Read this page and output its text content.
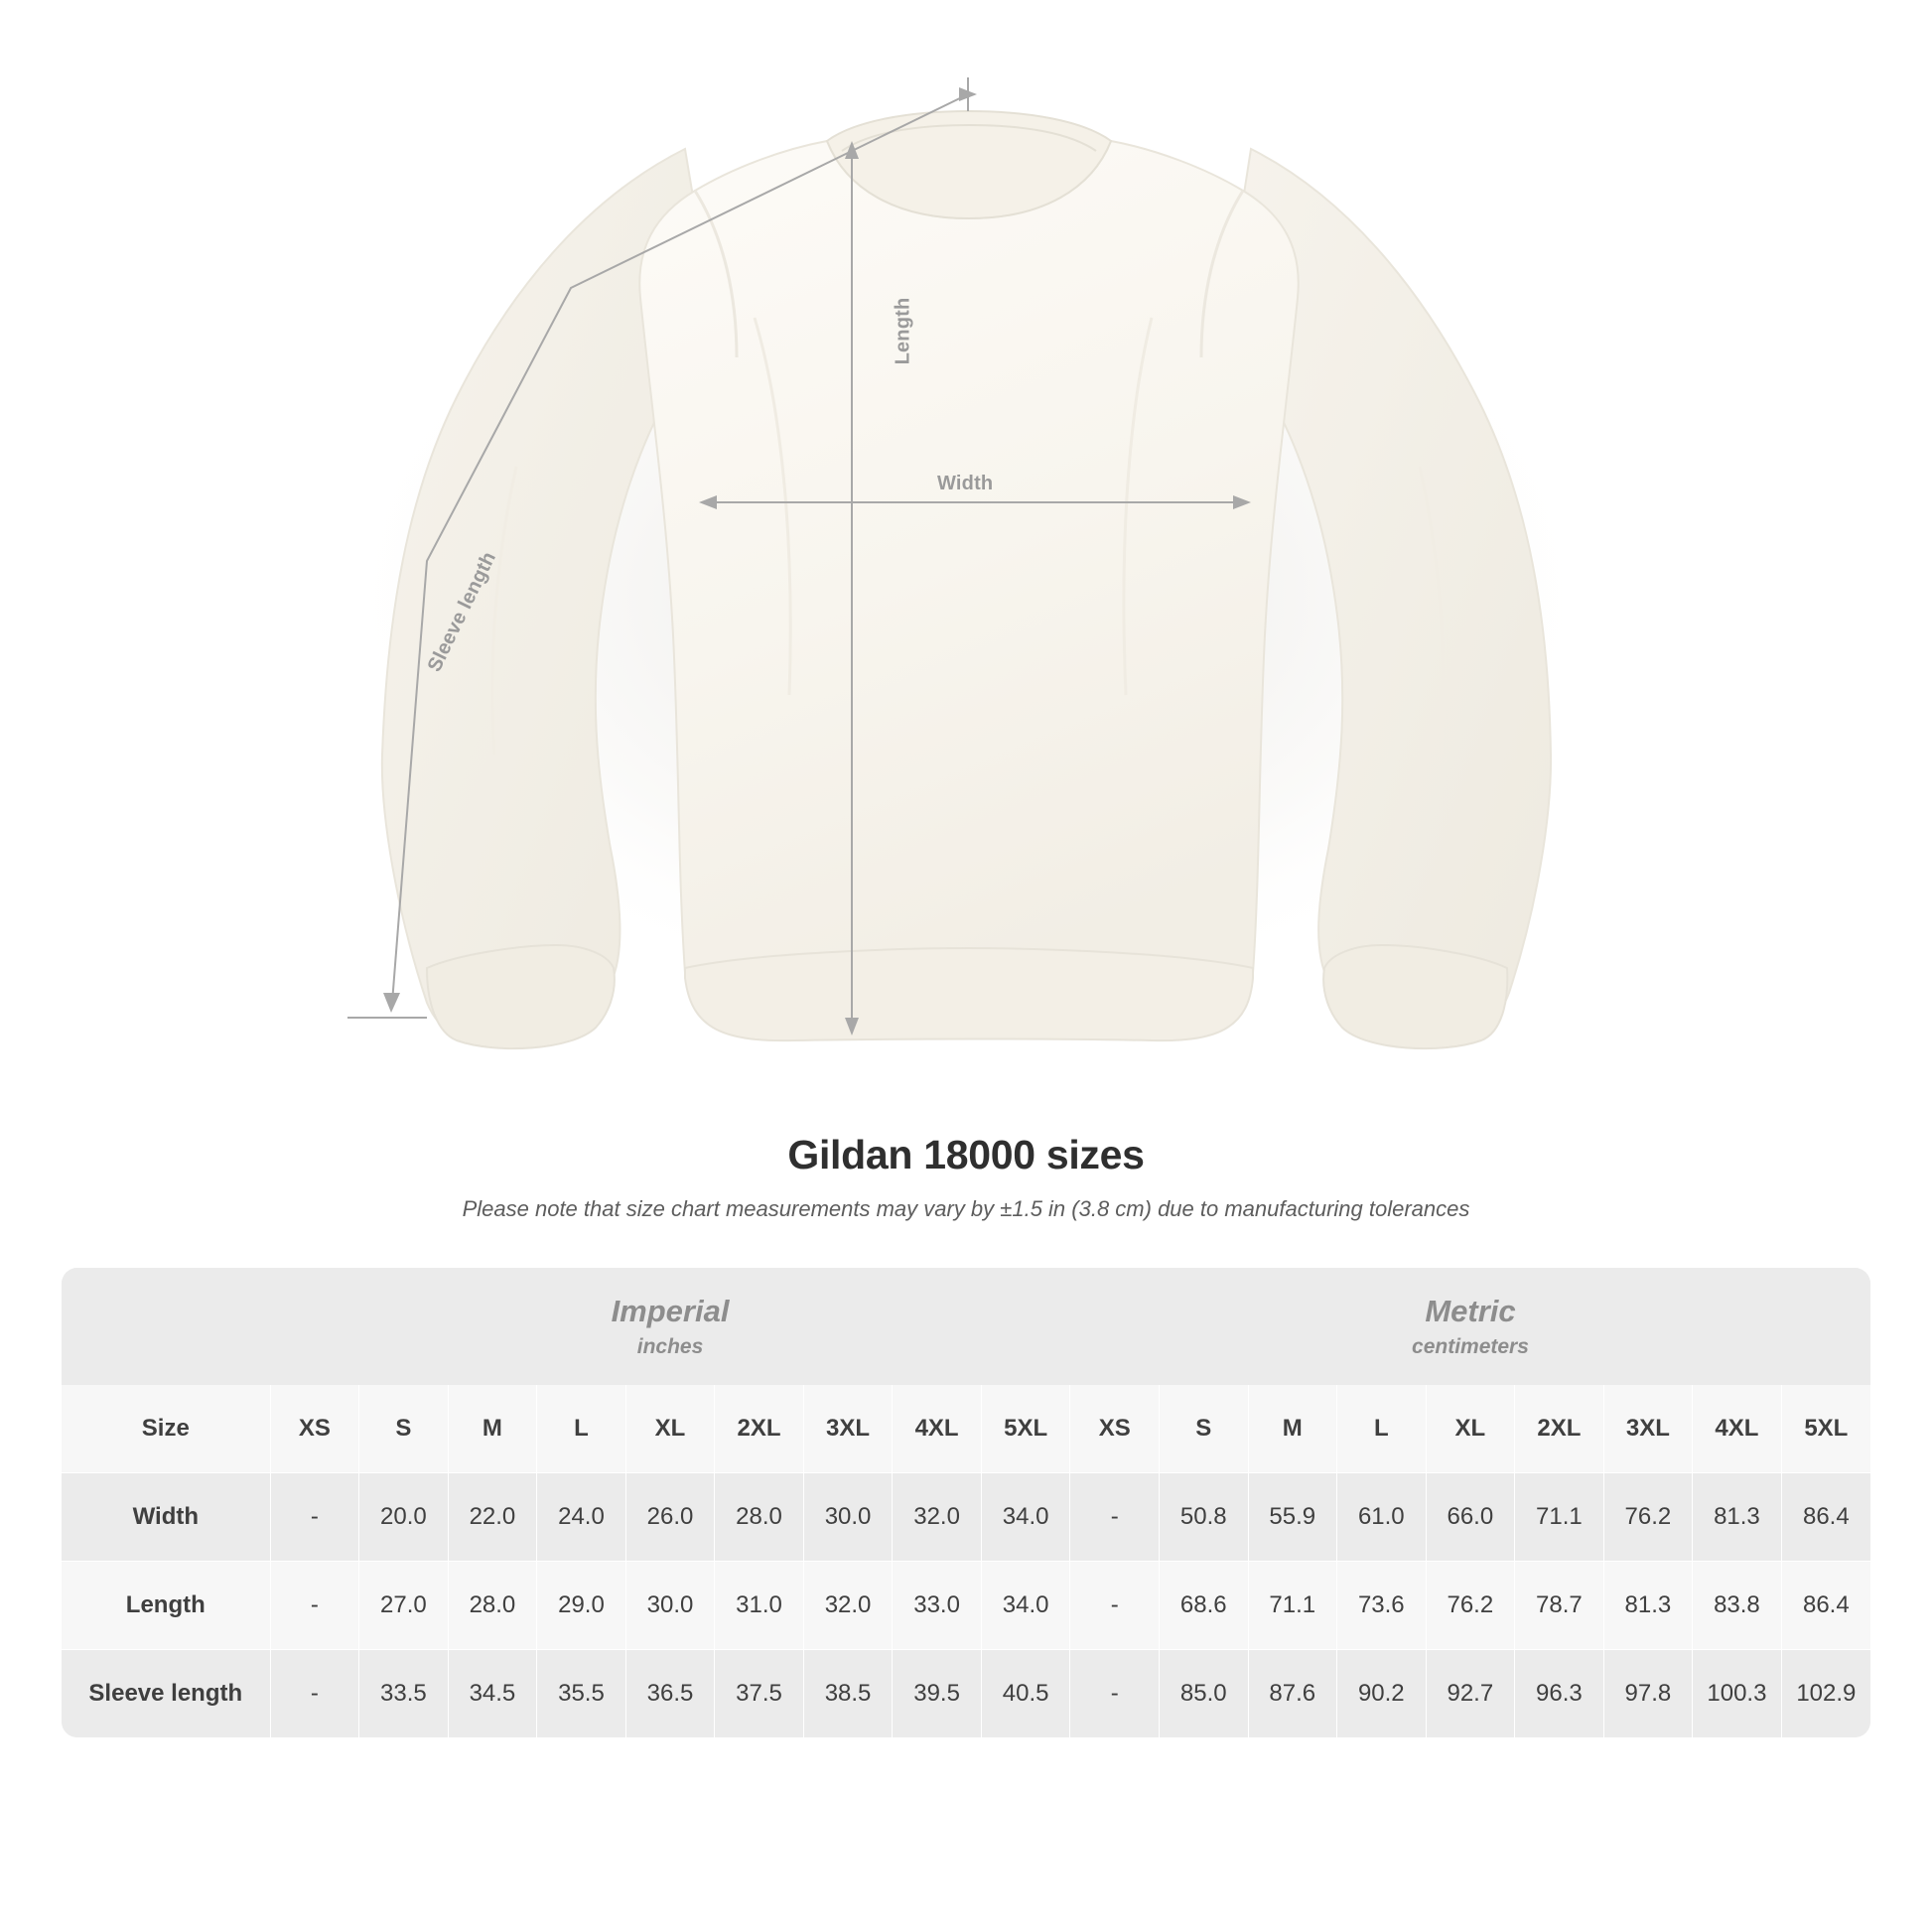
Length
Width
Sleeve length
Gildan 18000 sizes

Please note that size chart measurements may vary by ±1.5 in (3.8 cm) due to manufacturing tolerances

	Imperial
inches									Metric
centimeters								

Size	XS	S	M	L	XL	2XL	3XL	4XL	5XL	XS	S	M	L	XL	2XL	3XL	4XL	5XL
Width	-	20.0	22.0	24.0	26.0	28.0	30.0	32.0	34.0	-	50.8	55.9	61.0	66.0	71.1	76.2	81.3	86.4
Length	-	27.0	28.0	29.0	30.0	31.0	32.0	33.0	34.0	-	68.6	71.1	73.6	76.2	78.7	81.3	83.8	86.4
Sleeve length	-	33.5	34.5	35.5	36.5	37.5	38.5	39.5	40.5	-	85.0	87.6	90.2	92.7	96.3	97.8	100.3	102.9
